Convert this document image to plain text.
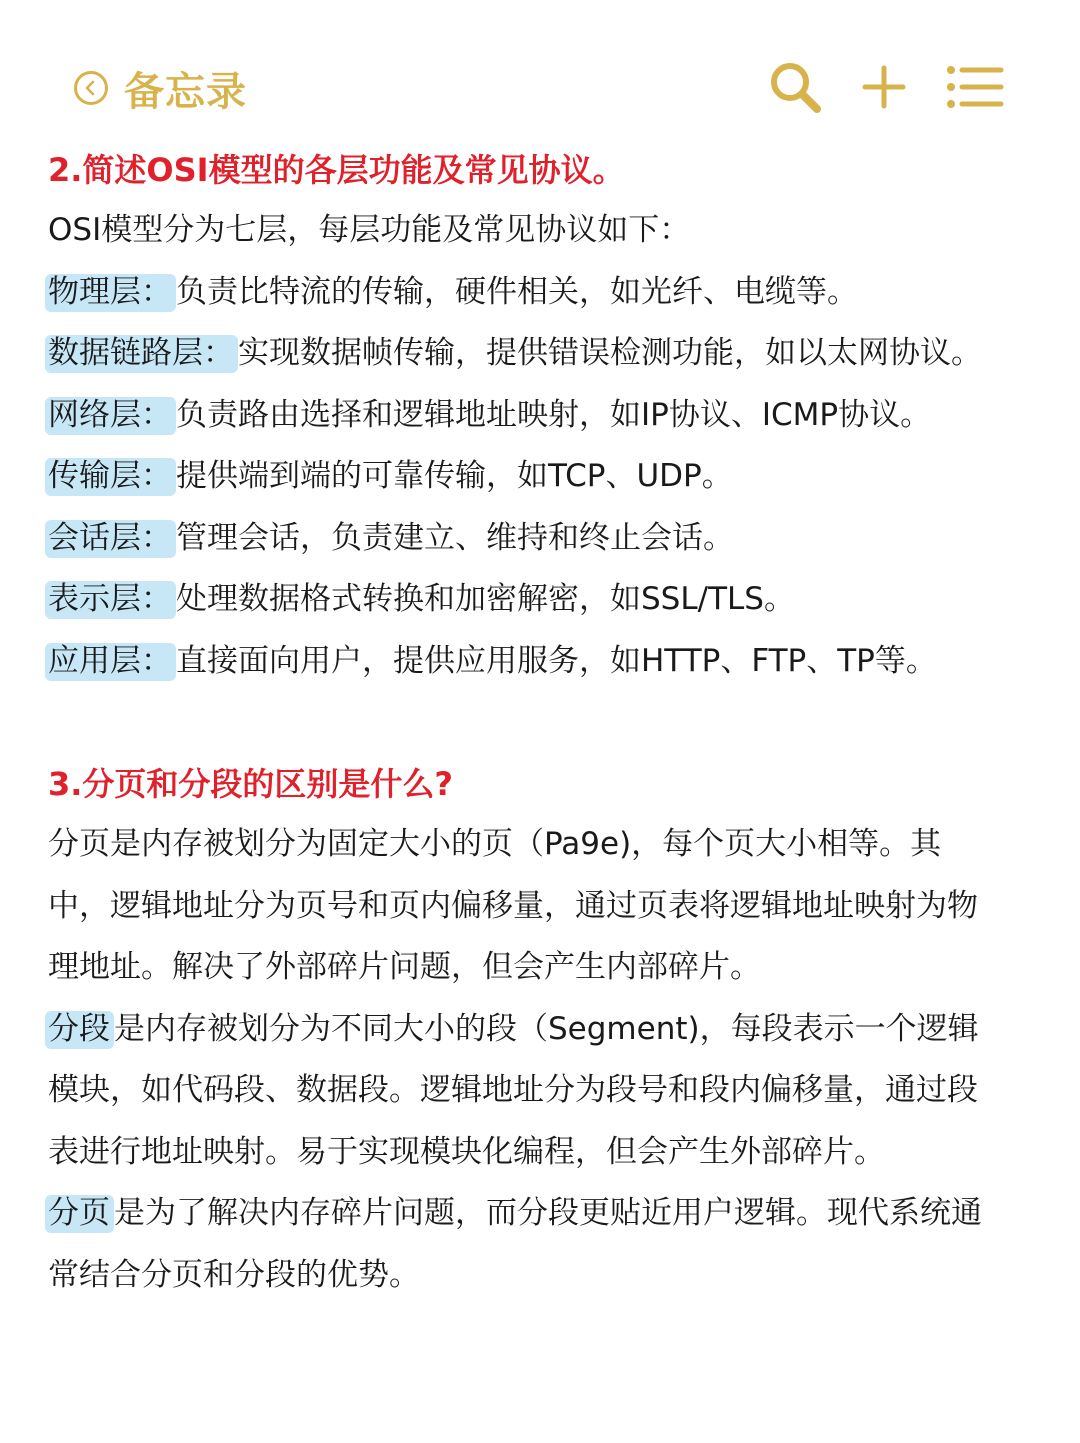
备忘录
2.简述OSI模型的各层功能及常见协议。
OSI模型分为七层，每层功能及常见协议如下：
物理层： 负责比特流的传输，硬件相关，如光纤、电缆等。
数据链路层： 实现数据帧传输，提供错误检测功能，如以太网协议。
网络层： 负责路由选择和逻辑地址映射，如IP协议、ICMP协议。
传输层： 提供端到端的可靠传输，如TCP、UDP。
会话层： 管理会话，负责建立、维持和终止会话。
表示层： 处理数据格式转换和加密解密，如SSL/TLS。
应用层： 直接面向用户，提供应用服务，如HTTP、FTP、TP等。
3.分页和分段的区别是什么?
分页是内存被划分为固定大小的页（Pa9e)，每个页大小相等。其
中，逻辑地址分为页号和页内偏移量，通过页表将逻辑地址映射为物
理地址。解决了外部碎片问题，但会产生内部碎片。
分段 是内存被划分为不同大小的段（Segment)，每段表示一个逻辑
模块，如代码段、数据段。逻辑地址分为段号和段内偏移量，通过段
表进行地址映射。易于实现模块化编程，但会产生外部碎片。
分页 是为了解决内存碎片问题，而分段更贴近用户逻辑。现代系统通
常结合分页和分段的优势。
